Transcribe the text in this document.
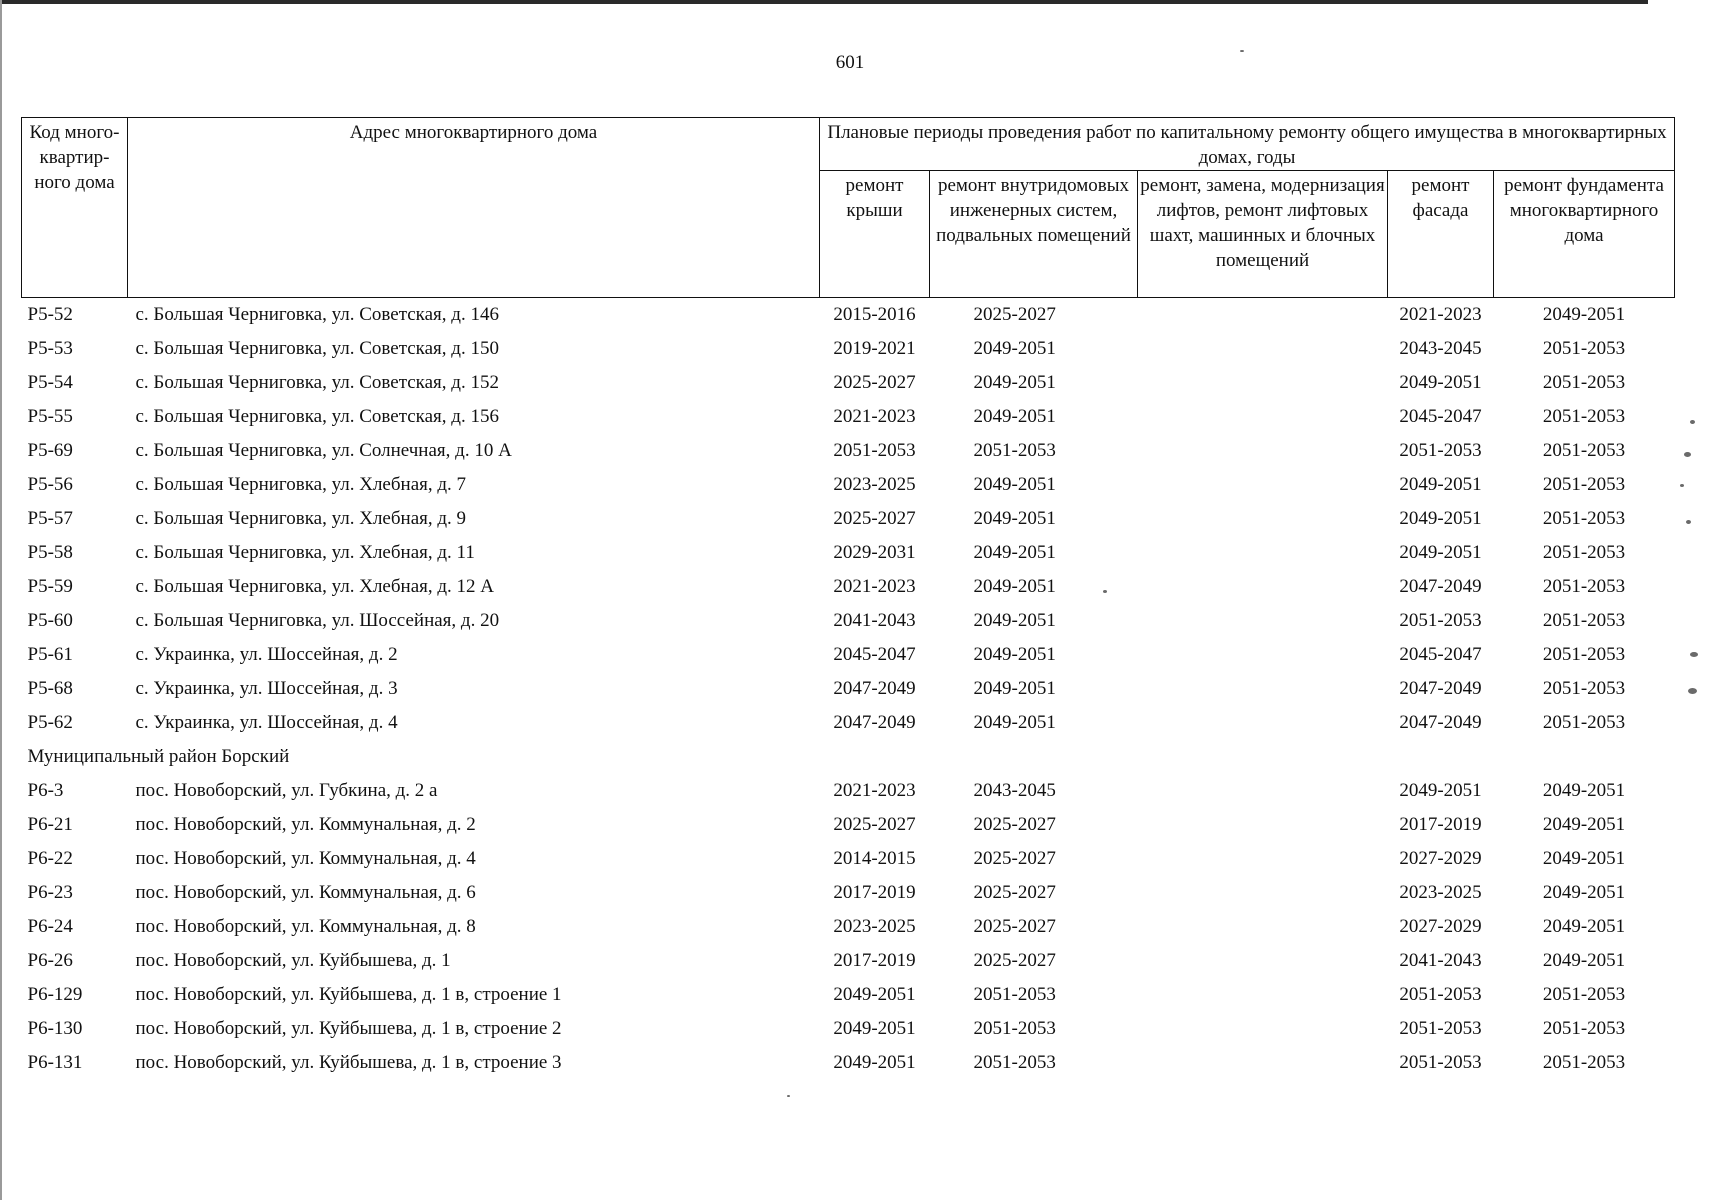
601
Код много-квартир-ного дома	Адрес многоквартирного дома	Плановые периоды проведения работ по капитальному ремонту общего имущества в многоквартирных домах, годы				
		ремонт крыши	ремонт внутридомовых инженерных систем, подвальных помещений	ремонт, замена, модернизация лифтов, ремонт лифтовых шахт, машинных и блочных помещений	ремонт фасада	ремонт фундамента многоквартирного дома
Р5-52	с. Большая Черниговка, ул. Советская, д. 146	2015-2016	2025-2027		2021-2023	2049-2051
Р5-53	с. Большая Черниговка, ул. Советская, д. 150	2019-2021	2049-2051		2043-2045	2051-2053
Р5-54	с. Большая Черниговка, ул. Советская, д. 152	2025-2027	2049-2051		2049-2051	2051-2053
Р5-55	с. Большая Черниговка, ул. Советская, д. 156	2021-2023	2049-2051		2045-2047	2051-2053
Р5-69	с. Большая Черниговка, ул. Солнечная, д. 10 А	2051-2053	2051-2053		2051-2053	2051-2053
Р5-56	с. Большая Черниговка, ул. Хлебная, д. 7	2023-2025	2049-2051		2049-2051	2051-2053
Р5-57	с. Большая Черниговка, ул. Хлебная, д. 9	2025-2027	2049-2051		2049-2051	2051-2053
Р5-58	с. Большая Черниговка, ул. Хлебная, д. 11	2029-2031	2049-2051		2049-2051	2051-2053
Р5-59	с. Большая Черниговка, ул. Хлебная, д. 12 А	2021-2023	2049-2051		2047-2049	2051-2053
Р5-60	с. Большая Черниговка, ул. Шоссейная, д. 20	2041-2043	2049-2051		2051-2053	2051-2053
Р5-61	с. Украинка, ул. Шоссейная, д. 2	2045-2047	2049-2051		2045-2047	2051-2053
Р5-68	с. Украинка, ул. Шоссейная, д. 3	2047-2049	2049-2051		2047-2049	2051-2053
Р5-62	с. Украинка, ул. Шоссейная, д. 4	2047-2049	2049-2051		2047-2049	2051-2053
Муниципальный район Борский						
Р6-3	пос. Новоборский, ул. Губкина, д. 2 а	2021-2023	2043-2045		2049-2051	2049-2051
Р6-21	пос. Новоборский, ул. Коммунальная, д. 2	2025-2027	2025-2027		2017-2019	2049-2051
Р6-22	пос. Новоборский, ул. Коммунальная, д. 4	2014-2015	2025-2027		2027-2029	2049-2051
Р6-23	пос. Новоборский, ул. Коммунальная, д. 6	2017-2019	2025-2027		2023-2025	2049-2051
Р6-24	пос. Новоборский, ул. Коммунальная, д. 8	2023-2025	2025-2027		2027-2029	2049-2051
Р6-26	пос. Новоборский, ул. Куйбышева, д. 1	2017-2019	2025-2027		2041-2043	2049-2051
Р6-129	пос. Новоборский, ул. Куйбышева, д. 1 в, строение 1	2049-2051	2051-2053		2051-2053	2051-2053
Р6-130	пос. Новоборский, ул. Куйбышева, д. 1 в, строение 2	2049-2051	2051-2053		2051-2053	2051-2053
Р6-131	пос. Новоборский, ул. Куйбышева, д. 1 в, строение 3	2049-2051	2051-2053		2051-2053	2051-2053
